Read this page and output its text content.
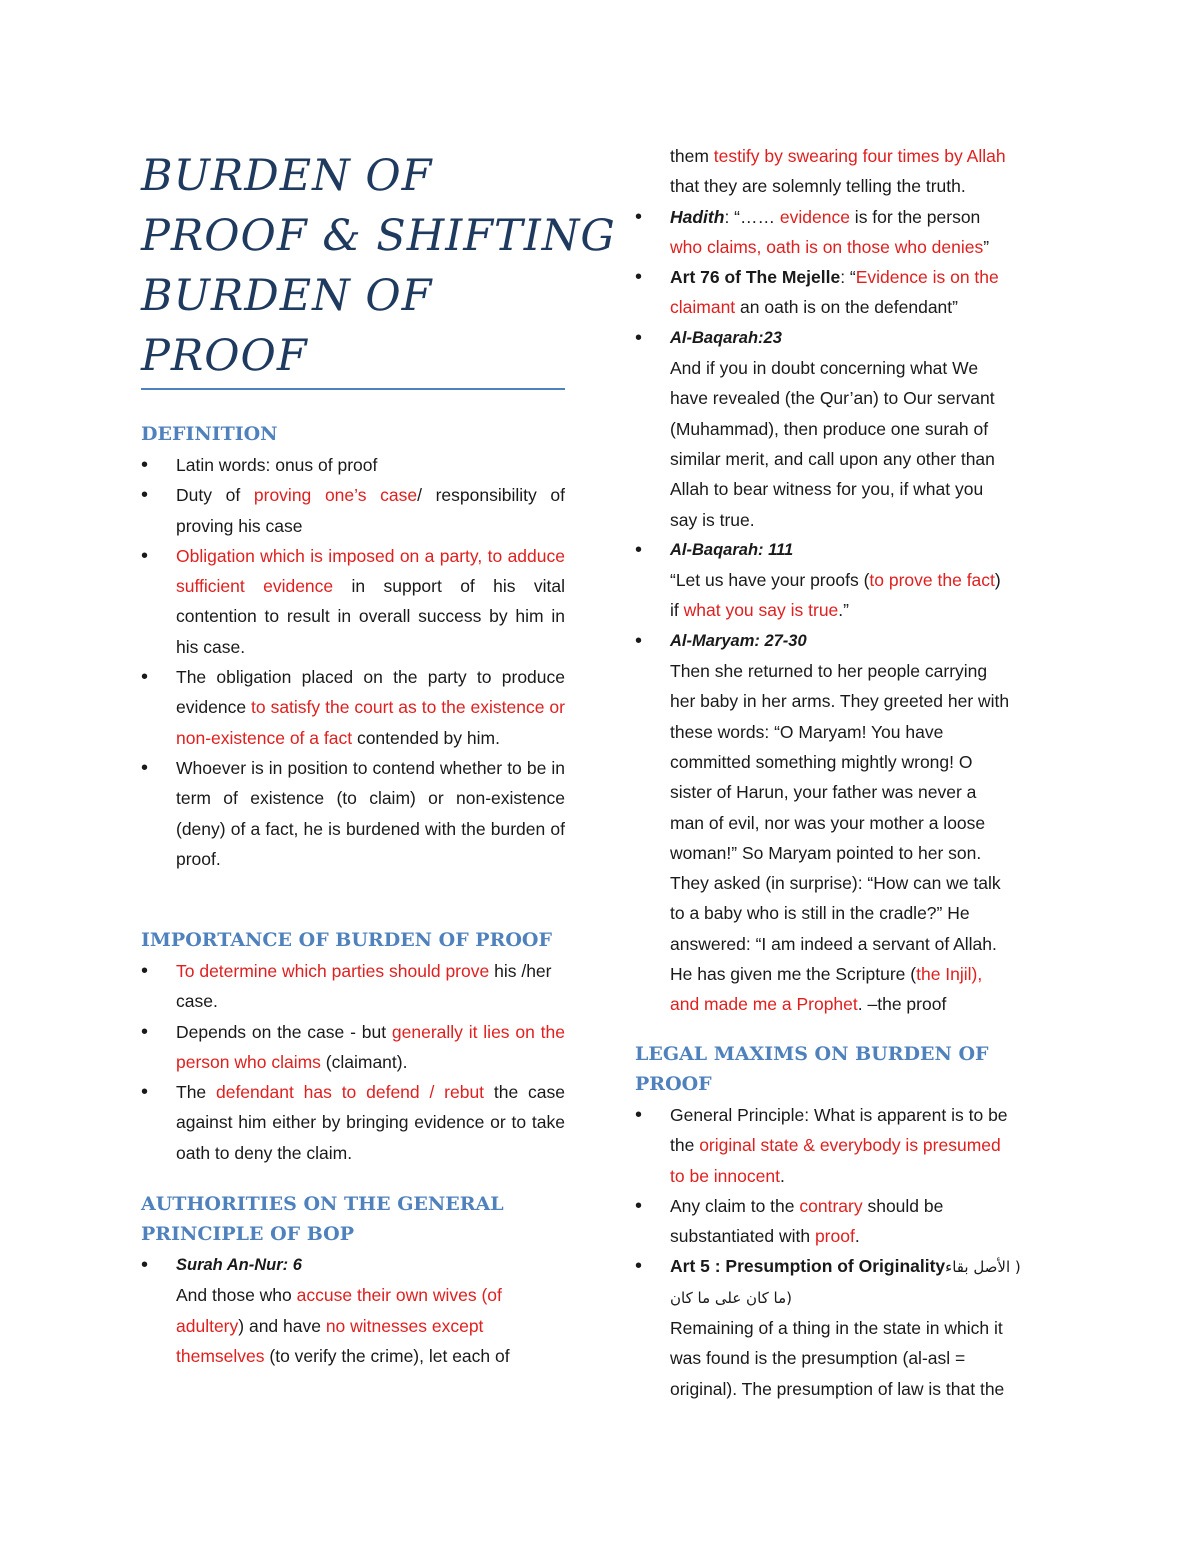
BURDEN OF
PROOF & SHIFTING
BURDEN OF
PROOF
DEFINITION
• Latin words: onus of proof
• Duty of proving one’s case/ responsibility of proving his case
• Obligation which is imposed on a party, to adduce sufficient evidence in support of his vital contention to result in overall success by him in his case.
• The obligation placed on the party to produce evidence to satisfy the court as to the existence or non-existence of a fact contended by him.
• Whoever is in position to contend whether to be in term of existence (to claim) or non-existence (deny) of a fact, he is burdened with the burden of proof.
IMPORTANCE OF BURDEN OF PROOF
• To determine which parties should prove his /her case.
• Depends on the case - but generally it lies on the person who claims (claimant).
• The defendant has to defend / rebut the case against him either by bringing evidence or to take oath to deny the claim.
AUTHORITIES ON THE GENERAL
PRINCIPLE OF BOP
• Surah An-Nur: 6
And those who accuse their own wives (of
adultery) and have no witnesses except
themselves (to verify the crime), let each of
them testify by swearing four times by Allah
that they are solemnly telling the truth.
• Hadith: “…… evidence is for the person
who claims, oath is on those who denies”
• Art 76 of The Mejelle: “Evidence is on the
claimant an oath is on the defendant”
• Al-Baqarah:23
And if you in doubt concerning what We
have revealed (the Qur’an) to Our servant
(Muhammad), then produce one surah of
similar merit, and call upon any other than
Allah to bear witness for you, if what you
say is true.
• Al-Baqarah: 111
“Let us have your proofs (to prove the fact)
if what you say is true.”
• Al-Maryam: 27-30
Then she returned to her people carrying
her baby in her arms. They greeted her with
these words: “O Maryam! You have
committed something mightly wrong! O
sister of Harun, your father was never a
man of evil, nor was your mother a loose
woman!” So Maryam pointed to her son.
They asked (in surprise): “How can we talk
to a baby who is still in the cradle?” He
answered: “I am indeed a servant of Allah.
He has given me the Scripture (the Injil),
and made me a Prophet. –the proof
LEGAL MAXIMS ON BURDEN OF PROOF
• General Principle: What is apparent is to be
the original state & everybody is presumed
to be innocent.
• Any claim to the contrary should be
substantiated with proof.
• Art 5 : Presumption of Originality ( الأصل بقاء
(ما كان على ما كان
Remaining of a thing in the state in which it
was found is the presumption (al-asl =
original). The presumption of law is that the
